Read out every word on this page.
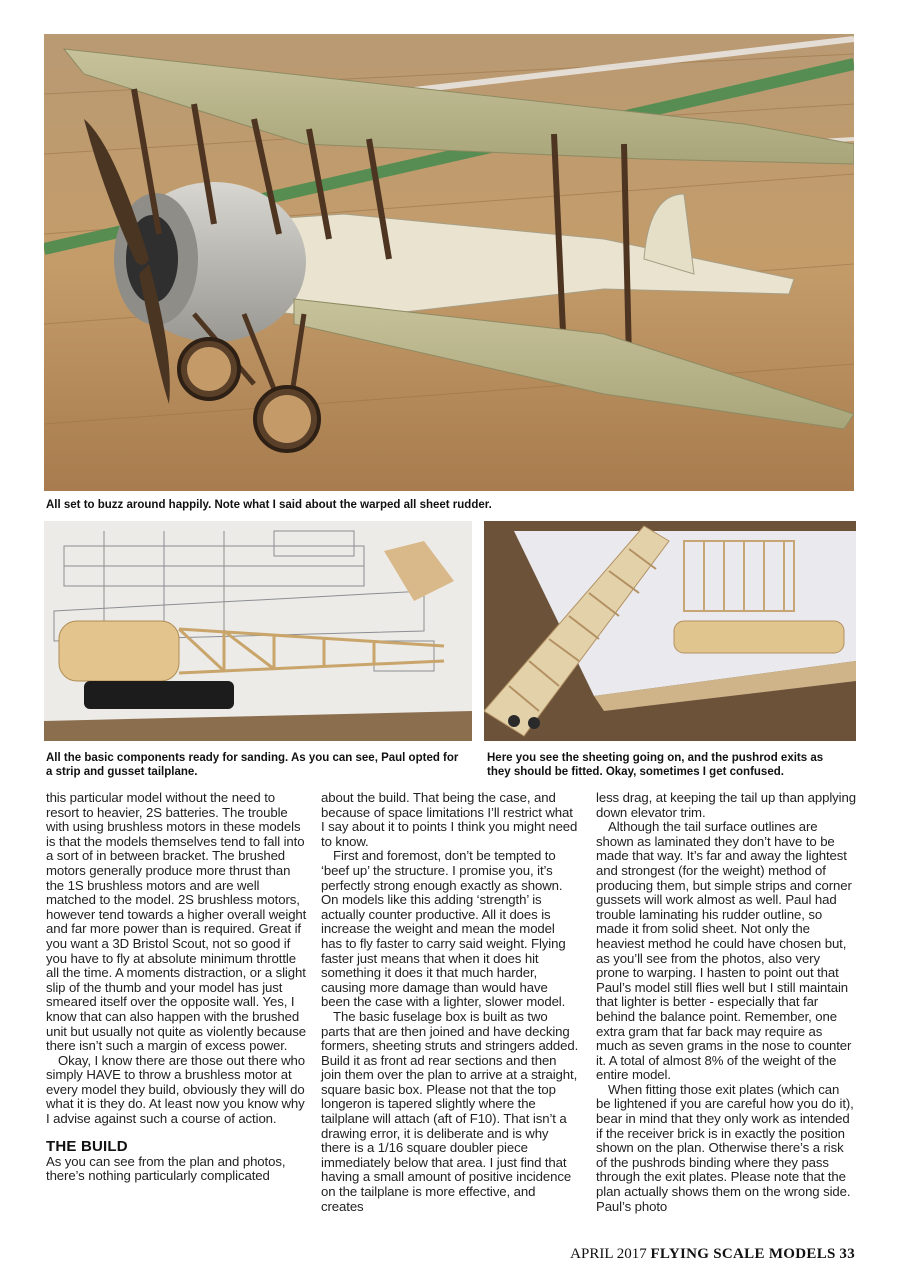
All set to buzz around happily. Note what I said about the warped all sheet rudder.

All the basic components ready for sanding. As you can see, Paul opted for a strip and gusset tailplane.

Here you see the sheeting going on, and the pushrod exits as they should be fitted. Okay, sometimes I get confused.

this particular model without the need to resort to heavier, 2S batteries. The trouble with using brushless motors in these models is that the models themselves tend to fall into a sort of in between bracket. The brushed motors generally produce more thrust than the 1S brushless motors and are well matched to the model. 2S brushless motors, however tend towards a higher overall weight and far more power than is required. Great if you want a 3D Bristol Scout, not so good if you have to fly at absolute minimum throttle all the time. A moments distraction, or a slight slip of the thumb and your model has just smeared itself over the opposite wall. Yes, I know that can also happen with the brushed unit but usually not quite as violently because there isn’t such a margin of excess power.

Okay, I know there are those out there who simply HAVE to throw a brushless motor at every model they build, obviously they will do what it is they do. At least now you know why I advise against such a course of action.

THE BUILD

As you can see from the plan and photos, there’s nothing particularly complicated

about the build. That being the case, and because of space limitations I’ll restrict what I say about it to points I think you might need to know.

First and foremost, don’t be tempted to ‘beef up’ the structure. I promise you, it’s perfectly strong enough exactly as shown. On models like this adding ‘strength’ is actually counter productive. All it does is increase the weight and mean the model has to fly faster to carry said weight. Flying faster just means that when it does hit something it does it that much harder, causing more damage than would have been the case with a lighter, slower model.

The basic fuselage box is built as two parts that are then joined and have decking formers, sheeting struts and stringers added. Build it as front ad rear sections and then join them over the plan to arrive at a straight, square basic box. Please not that the top longeron is tapered slightly where the tailplane will attach (aft of F10). That isn’t a drawing error, it is deliberate and is why there is a 1/16 square doubler piece immediately below that area. I just find that having a small amount of positive incidence on the tailplane is more effective, and creates

less drag, at keeping the tail up than applying down elevator trim.

Although the tail surface outlines are shown as laminated they don’t have to be made that way. It’s far and away the lightest and strongest (for the weight) method of producing them, but simple strips and corner gussets will work almost as well. Paul had trouble laminating his rudder outline, so made it from solid sheet. Not only the heaviest method he could have chosen but, as you’ll see from the photos, also very prone to warping. I hasten to point out that Paul’s model still flies well but I still maintain that lighter is better - especially that far behind the balance point. Remember, one extra gram that far back may require as much as seven grams in the nose to counter it. A total of almost 8% of the weight of the entire model.

When fitting those exit plates (which can be lightened if you are careful how you do it), bear in mind that they only work as intended if the receiver brick is in exactly the position shown on the plan. Otherwise there’s a risk of the pushrods binding where they pass through the exit plates. Please note that the plan actually shows them on the wrong side. Paul’s photo

APRIL 2017 FLYING SCALE MODELS 33
